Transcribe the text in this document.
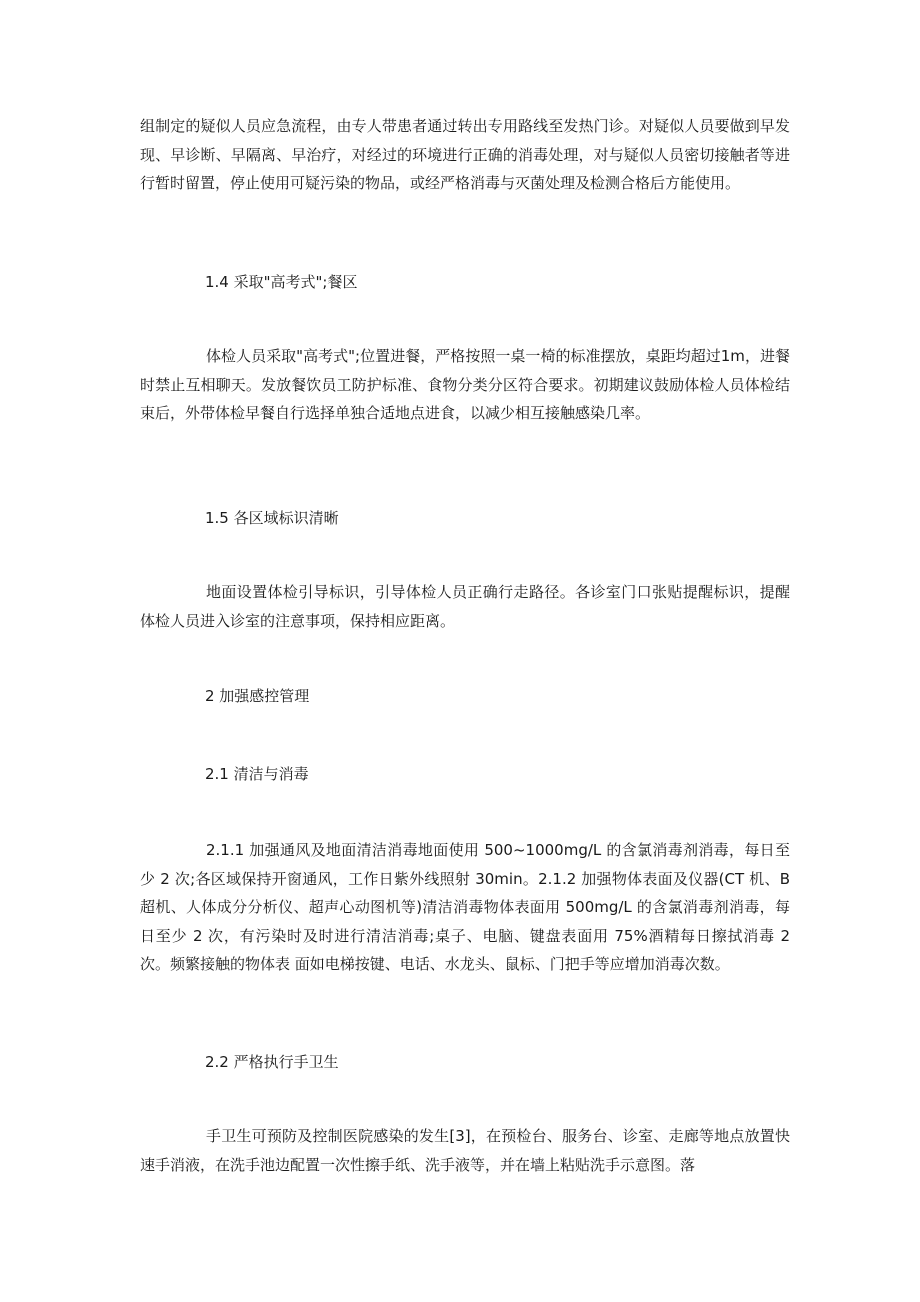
组制定的疑似人员应急流程，由专人带患者通过转出专用路线至发热门诊。对疑似人员要做到早发现、早诊断、早隔离、早治疗，对经过的环境进行正确的消毒处理，对与疑似人员密切接触者等进行暂时留置，停止使用可疑污染的物品，或经严格消毒与灭菌处理及检测合格后方能使用。

1.4 采取"高考式";餐区

体检人员采取"高考式";位置进餐，严格按照一桌一椅的标准摆放，桌距均超过1m，进餐时禁止互相聊天。发放餐饮员工防护标准、食物分类分区符合要求。初期建议鼓励体检人员体检结束后，外带体检早餐自行选择单独合适地点进食，以减少相互接触感染几率。

1.5 各区域标识清晰

地面设置体检引导标识，引导体检人员正确行走路径。各诊室门口张贴提醒标识，提醒体检人员进入诊室的注意事项，保持相应距离。

2 加强感控管理

2.1 清洁与消毒

2.1.1 加强通风及地面清洁消毒地面使用 500~1000mg/L 的含氯消毒剂消毒，每日至少 2 次;各区域保持开窗通风，工作日紫外线照射 30min。2.1.2 加强物体表面及仪器(CT 机、B 超机、人体成分分析仪、超声心动图机等)清洁消毒物体表面用 500mg/L 的含氯消毒剂消毒，每日至少 2 次，有污染时及时进行清洁消毒;桌子、电脑、键盘表面用 75%酒精每日擦拭消毒 2 次。频繁接触的物体表 面如电梯按键、电话、水龙头、鼠标、门把手等应增加消毒次数。

2.2 严格执行手卫生

手卫生可预防及控制医院感染的发生[3]，在预检台、服务台、诊室、走廊等地点放置快速手消液，在洗手池边配置一次性擦手纸、洗手液等，并在墙上粘贴洗手示意图。落
